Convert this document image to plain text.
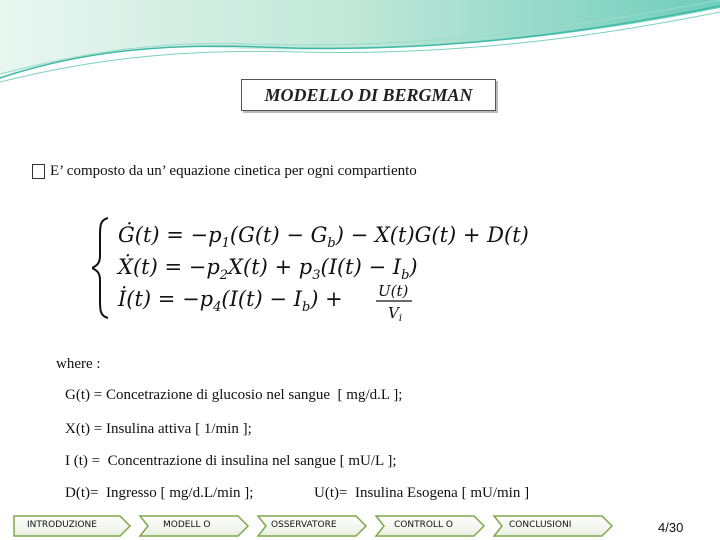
MODELLO DI BERGMAN
E’ composto da un’ equazione cinetica per ogni compartiento
Ġ(t) = $-p_1(G(t) - G_b) - X(t)G(t) + D(t)$
Ẋ(t) = $-p_2X(t) + p_3(I(t) - I_b)$
İ(t) = $-p_4(I(t) - I_b) + U(t)$
$V_i$
where :
G(t) = Concetrazione di glucosio nel sangue  [ mg/d.L ];
X(t) = Insulina attiva [ 1/min ];
I (t) =  Concentrazione di insulina nel sangue [ mU/L ];
D(t)=  Ingresso [ mg/d.L/min ];	U(t)=  Insulina Esogena [ mU/min ]
INTRODUZIONE	MODELL O	OSSERVATORE	CONTROLL O	CONCLUSIONI	4/30
